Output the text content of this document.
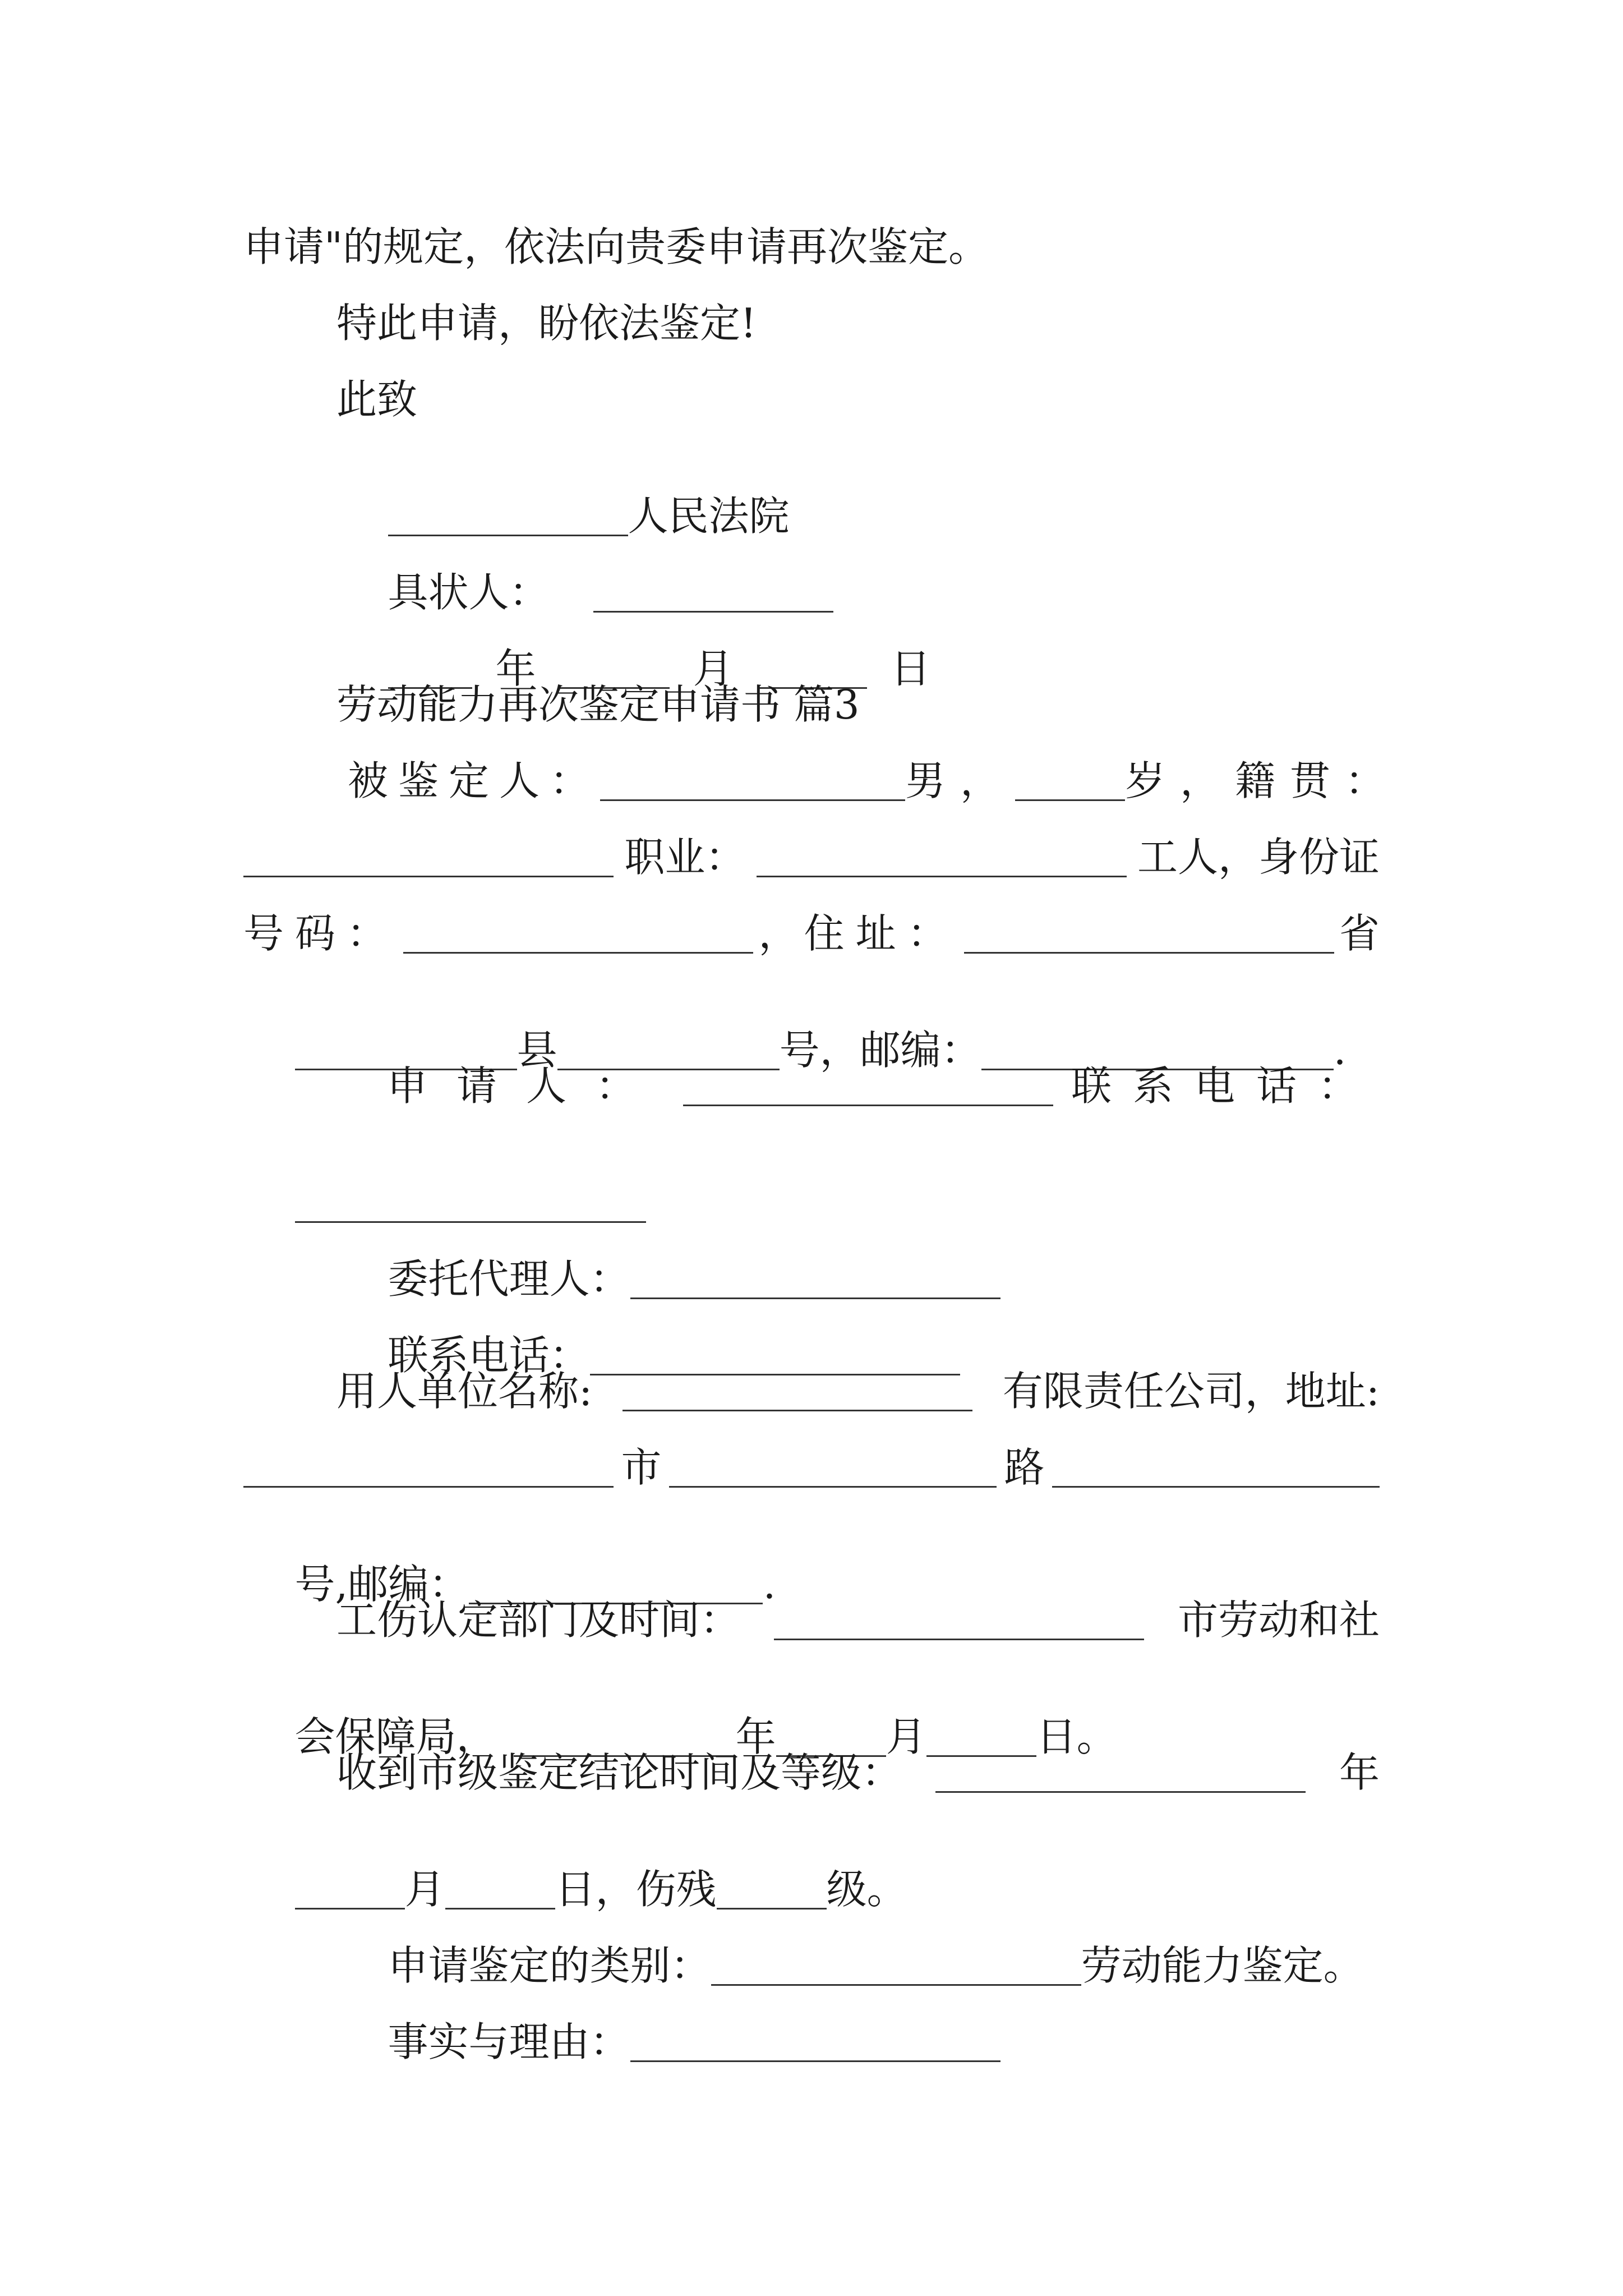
申请"的规定，依法向贵委申请再次鉴定。
特此申请，盼依法鉴定!
此致

人民法院

具状人：

年	月	日

劳动能力再次鉴定申请书 篇3
被鉴定人：	男，	岁， 籍贯：
职业：	工人，身份证
号码：	， 住址：	省

县	号，邮编：	.

申请人：	联系电话：

委托代理人：

联系电话：

用人单位名称:	有限责任公司，地址:
市	路

号,邮编：	.

工伤认定部门及时间：	市劳动和社

会保障局，	年	月	日。

收到市级鉴定结论时间及等级：	年

月	日，伤残	级。

申请鉴定的类别：	劳动能力鉴定。

事实与理由：
